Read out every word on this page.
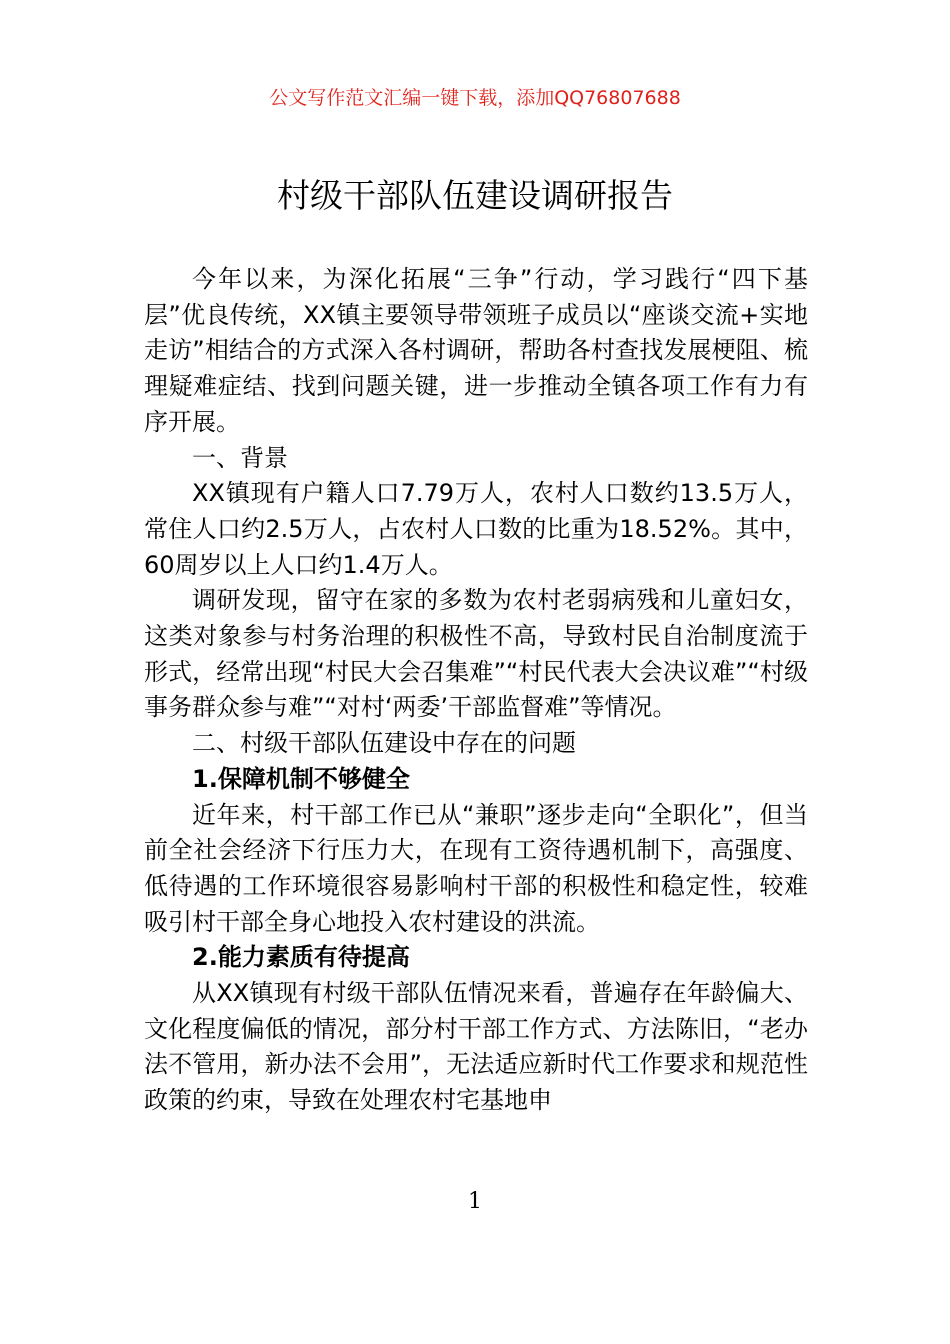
公文写作范文汇编一键下载，添加QQ76807688
村级干部队伍建设调研报告

今年以来，为深化拓展“三争”行动，学习践行“四下基层”优良传统，XX镇主要领导带领班子成员以“座谈交流+实地走访”相结合的方式深入各村调研，帮助各村查找发展梗阻、梳理疑难症结、找到问题关键，进一步推动全镇各项工作有力有序开展。

一、背景

XX镇现有户籍人口7.79万人，农村人口数约13.5万人，常住人口约2.5万人，占农村人口数的比重为18.52%。其中，60周岁以上人口约1.4万人。

调研发现，留守在家的多数为农村老弱病残和儿童妇女，这类对象参与村务治理的积极性不高，导致村民自治制度流于形式，经常出现“村民大会召集难”“村民代表大会决议难”“村级事务群众参与难”“对村‘两委’干部监督难”等情况。

二、村级干部队伍建设中存在的问题

1.保障机制不够健全

近年来，村干部工作已从“兼职”逐步走向“全职化”，但当前全社会经济下行压力大，在现有工资待遇机制下，高强度、低待遇的工作环境很容易影响村干部的积极性和稳定性，较难吸引村干部全身心地投入农村建设的洪流。

2.能力素质有待提高

从XX镇现有村级干部队伍情况来看，普遍存在年龄偏大、文化程度偏低的情况，部分村干部工作方式、方法陈旧，“老办法不管用，新办法不会用”，无法适应新时代工作要求和规范性政策的约束，导致在处理农村宅基地申

1
